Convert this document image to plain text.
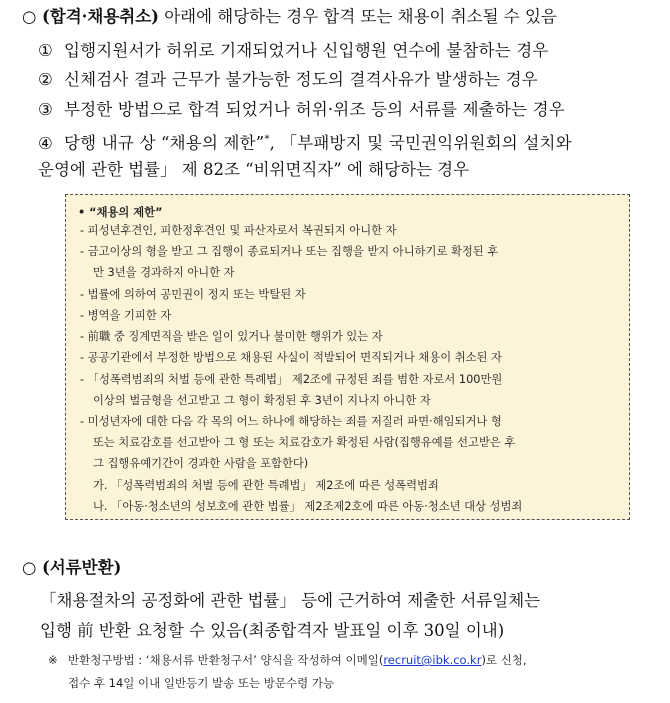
○ (합격·채용취소) 아래에 해당하는 경우 합격 또는 채용이 취소될 수 있음
① 입행지원서가 허위로 기재되었거나 신입행원 연수에 불참하는 경우
② 신체검사 결과 근무가 불가능한 정도의 결격사유가 발생하는 경우
③ 부정한 방법으로 합격 되었거나 허위·위조 등의 서류를 제출하는 경우
④ 당행 내규 상 “채용의 제한”*, 「부패방지 및 국민권익위원회의 설치와
운영에 관한 법률」 제 82조 “비위면직자” 에 해당하는 경우
• “채용의 제한”
- 피성년후견인, 피한정후견인 및 파산자로서 복권되지 아니한 자
- 금고이상의 형을 받고 그 집행이 종료되거나 또는 집행을 받지 아니하기로 확정된 후
만 3년을 경과하지 아니한 자
- 법률에 의하여 공민권이 정지 또는 박탈된 자
- 병역을 기피한 자
- 前職 중 징계면직을 받은 일이 있거나 불미한 행위가 있는 자
- 공공기관에서 부정한 방법으로 채용된 사실이 적발되어 면직되거나 채용이 취소된 자
- 「성폭력범죄의 처벌 등에 관한 특례법」 제2조에 규정된 죄를 범한 자로서 100만원
이상의 벌금형을 선고받고 그 형이 확정된 후 3년이 지나지 아니한 자
- 미성년자에 대한 다음 각 목의 어느 하나에 해당하는 죄를 저질러 파면·해임되거나 형
또는 치료감호를 선고받아 그 형 또는 치료감호가 확정된 사람(집행유예를 선고받은 후
그 집행유예기간이 경과한 사람을 포함한다)
가. 「성폭력범죄의 처벌 등에 관한 특례법」 제2조에 따른 성폭력범죄
나. 「아동·청소년의 성보호에 관한 법률」 제2조제2호에 따른 아동·청소년 대상 성범죄
○ (서류반환)
「채용절차의 공정화에 관한 법률」 등에 근거하여 제출한 서류일체는
입행 前 반환 요청할 수 있음(최종합격자 발표일 이후 30일 이내)
※ 반환청구방법 : ‘채용서류 반환청구서’ 양식을 작성하여 이메일(recruit@ibk.co.kr)로 신청,
접수 후 14일 이내 일반등기 발송 또는 방문수령 가능
